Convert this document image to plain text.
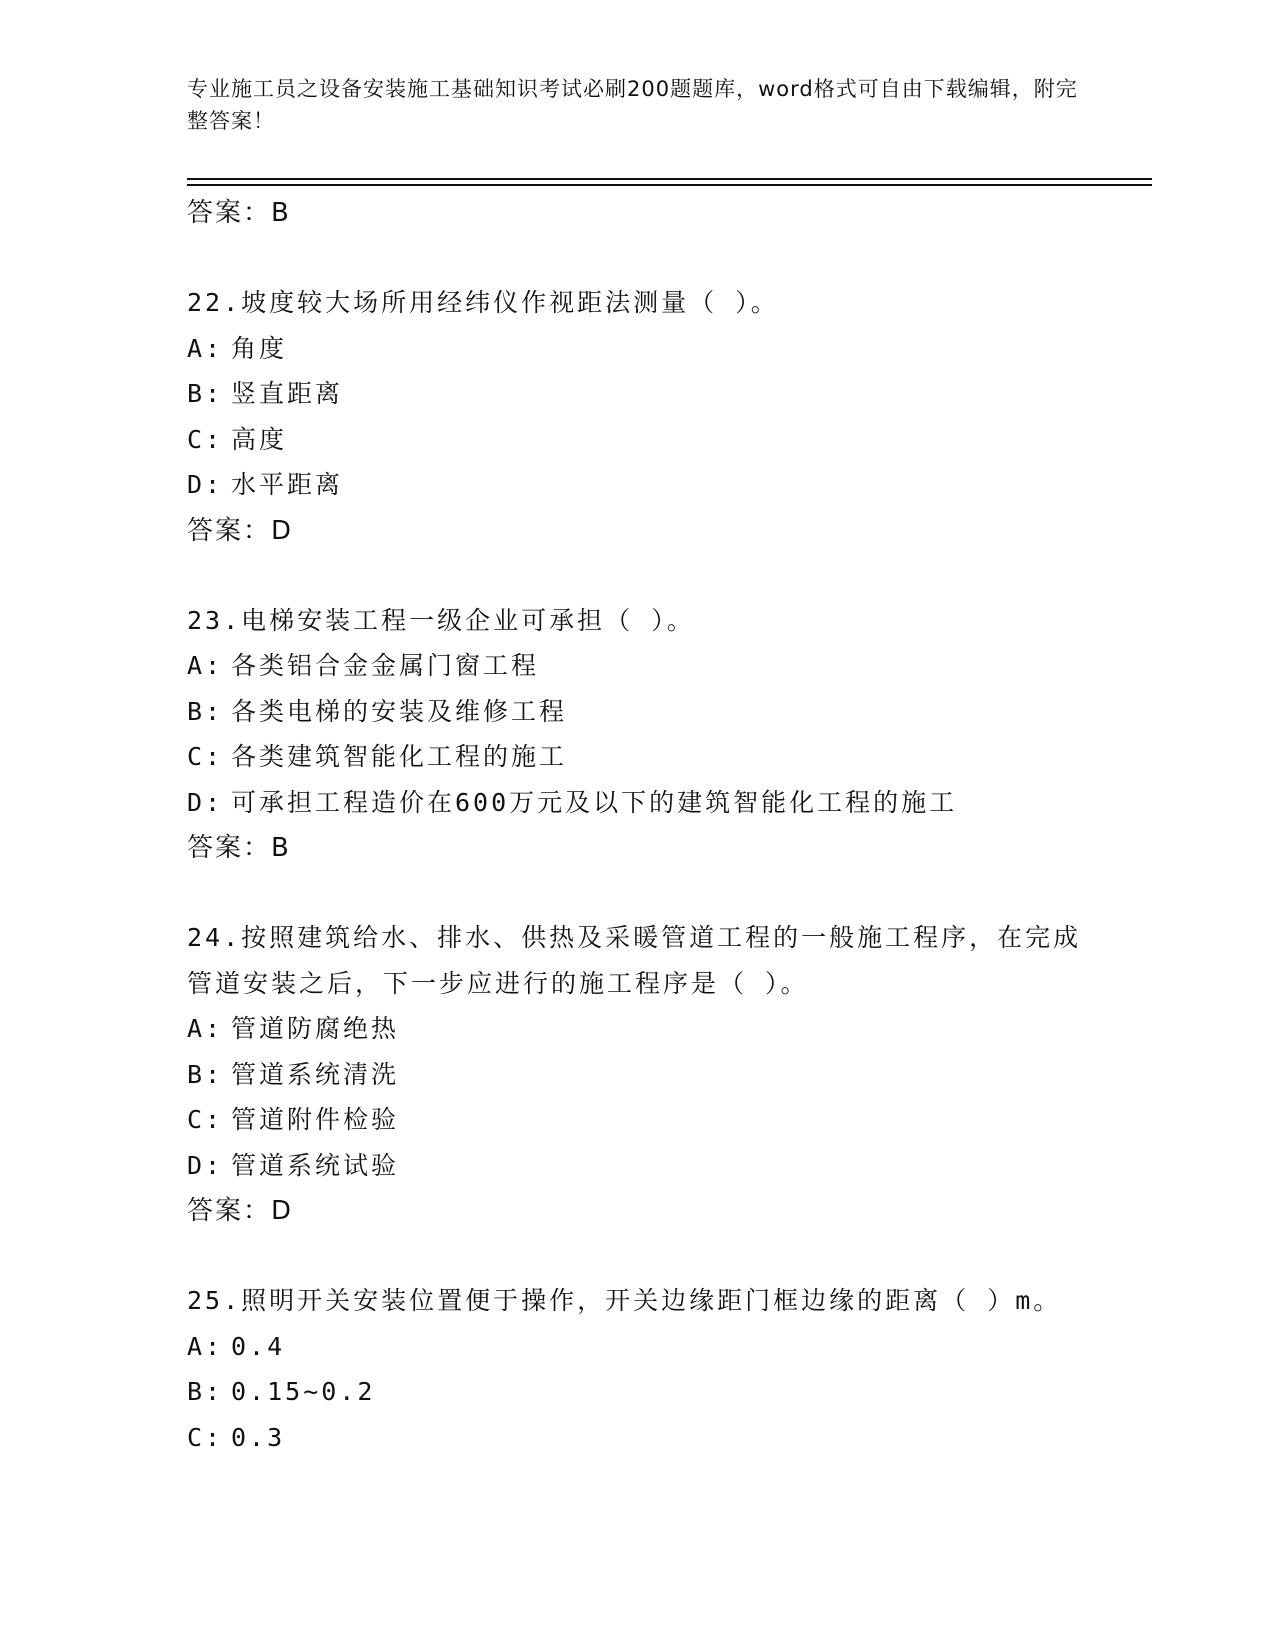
专业施工员之设备安装施工基础知识考试必刷200题题库，word格式可自由下载编辑，附完整答案！
答案：B
22.坡度较大场所用经纬仪作视距法测量（ ）。
A: 角度
B: 竖直距离
C: 高度
D: 水平距离
答案：D
23.电梯安装工程一级企业可承担（ ）。
A: 各类铝合金金属门窗工程
B: 各类电梯的安装及维修工程
C: 各类建筑智能化工程的施工
D: 可承担工程造价在600万元及以下的建筑智能化工程的施工
答案：B
24.按照建筑给水、排水、供热及采暖管道工程的一般施工程序，在完成管道安装之后，下一步应进行的施工程序是（ ）。
A: 管道防腐绝热
B: 管道系统清洗
C: 管道附件检验
D: 管道系统试验
答案：D
25.照明开关安装位置便于操作，开关边缘距门框边缘的距离（ ）m。
A: 0.4
B: 0.15~0.2
C: 0.3
